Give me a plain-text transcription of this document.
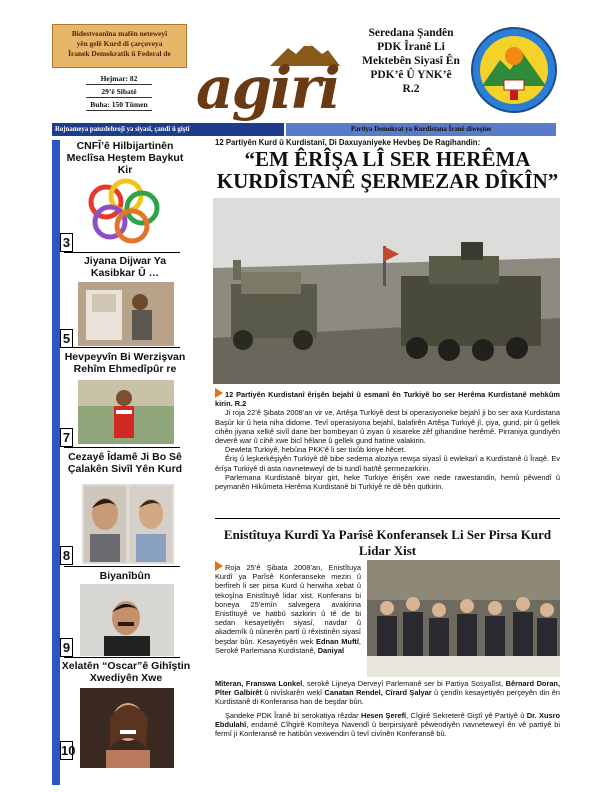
Bidestveanîna mafên neteweyî
yên gelê Kurd di çarçoveya
Îranek Demokratîk û Federal de
Hejmar: 82
29’ê Sibatê
Buha: 150 Tûmen agiri
Seredana Şandên
PDK Îranê Li
Mektebên Siyasî Ên
PDK’ê Û YNK’ê
R.2
Rojnameya panzdehrojî ya siyasî, çandî û giştî	Partiya Demokrat ya Kurdistana Îranê diweşîne
CNFÎ’ê Hilbijartinên Meclîsa Heştem Baykut Kir
3
Jiyana Dijwar Ya Kasibkar Û …
5
Hevpeyvîn Bi Werzişvan Rehîm Ehmedîpûr re
7
Cezayê Îdamê Ji Bo Sê Çalakên Sivîl Yên Kurd
8
Biyanîbûn
9
Xelatên “Oscar”ê Gihîştin Xwediyên Xwe
10
12 Partiyên Kurd û Kurdistanî, Di Daxuyaniyeke Hevbeş De Ragihandin:
“EM ÊRÎŞA LÎ SER HERÊMA
KURDÎSTANÊ ŞERMEZAR DÎKÎN”

12 Partiyên Kurdistanî êrişên bejahî û esmanî ên Turkiyê bo ser Herêma Kurdistanê mehkûm kirin. R.2

Ji roja 22’ê Şibata 2008’an vir ve, Artêşa Turkiyê dest bi operasiyoneke bejahî ji bo ser axa Kurdistana Başûr kir û heta niha didome. Tevî operasiyona bejahî, balafirên Artêşa Turkiyê jî, çiya, gund, pir û gellek cihên jiyana xelkê sivîl dane ber bombeyan û ziyan û xisareke zêf gihandine herêmê. Pirraniya gundiyên deverê war û cihê xwe bicî hêlane û gellek gund hatine valakirin.

Dewleta Turkiyê, hebûna PKK’ê li ser tixûb kiriye hêcet.

Êriş û leşkerkêşiyên Turkiyê dê bibe sedema aloziya rewşa siyasî û ewlekarî a Kurdistanê û Îraqê. Ev êrîşa Turkiyê di asta navneteweyî de bi tundî hat/tê şermezarkirin.

Parlemana Kurdistanê biryar girt, heke Turkiye êrişên xwe nede rawestandin, hemû pêwendî û peymanên Hikûmeta Herêma Kurdistanê bi Turkiyê re dê bên qutkirin.

Enistîtuya Kurdî Ya Parîsê Konferansek Li Ser Pirsa Kurd
Lidar Xist

Roja 25’ê Şibata 2008’an, Enistîtuya Kurdî ya Parîsê Konferanseke mezin û berfireh li ser pirsa Kurd û herwiha xebat û tekoşîna Enistîtuyê lidar xist. Konferans bi boneya 25’emîn salvegera avakirina Enistîtuyê ve hatibû sazkirin û tê de bi sedan kesayetiyên siyasî, navdar û akademîk û nûnerên partî û rêxistinên siyasî beşdar bûn. Kesayetiyên wek Ednan Muftî, Serokê Parlemana Kurdistanê, Daniyal

Mîteran, Franswa Lonkel, serokê Lijneya Derveyî Parlemanê ser bi Partiya Sosyalîst, Bêrnard Doran, Pîter Galbirêt û nivîskarên wekî Canatan Rendel, Cîrard Şalyar û çendîn kesayetiyên perçeyên din ên Kurdistanê di Konferansa han de beşdar bûn.

Şandeke PDK Îranê bi serokatiya rêzdar Hesen Şerefî, Cîgirê Sekreterê Giştî yê Partiyê û Dr. Xusro Ebdulahî, endamê Cîhgirê Komîteya Navendî û berpirsiyarê pêwendiyên navneteweyî ên vê partiyê bi fermî ji Konferansê re hatibûn vexwendin û tevî civînên Konferansê bû.
